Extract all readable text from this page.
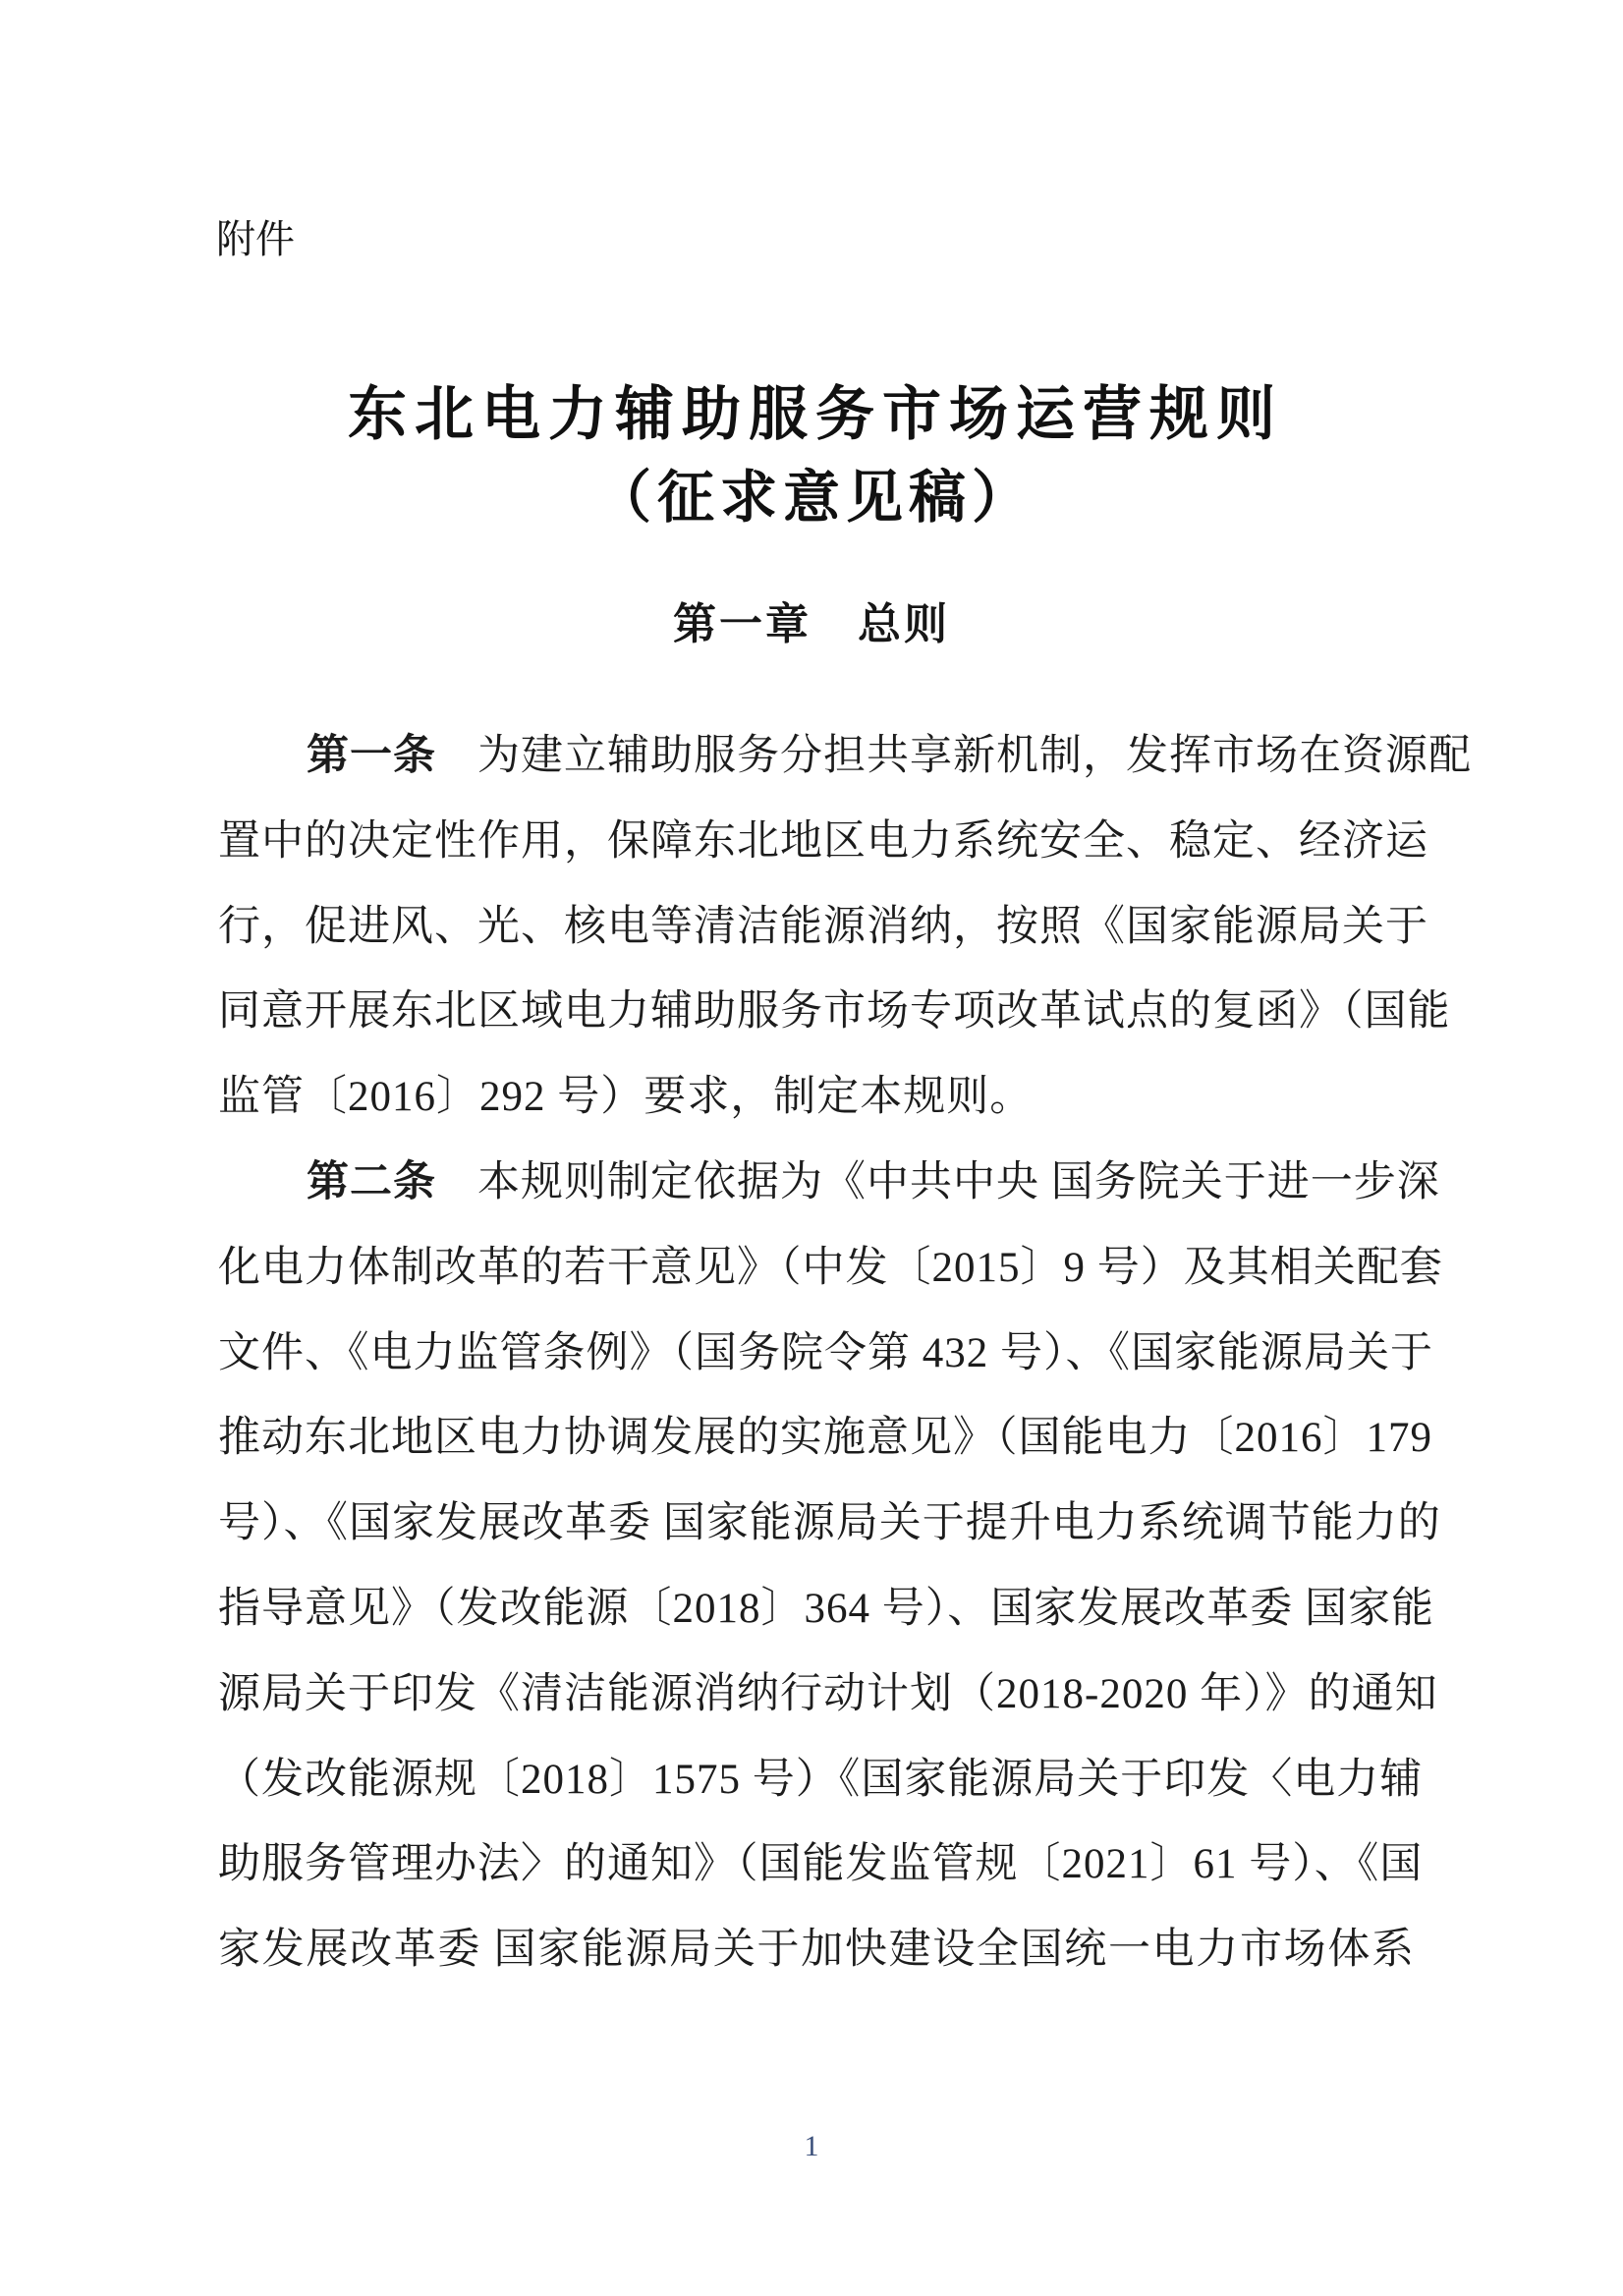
附件
东北电力辅助服务市场运营规则
（征求意见稿）
第一章　总则
第一条 为建立辅助服务分担共享新机制，发挥市场在资源配
置中的决定性作用，保障东北地区电力系统安全、稳定、经济运
行，促进风、光、核电等清洁能源消纳，按照《国家能源局关于
同意开展东北区域电力辅助服务市场专项改革试点的复函》（国能
监管〔2016〕292 号）要求，制定本规则。
第二条 本规则制定依据为《中共中央 国务院关于进一步深
化电力体制改革的若干意见》（中发〔2015〕9 号）及其相关配套
文件、《电力监管条例》（国务院令第 432 号）、《国家能源局关于
推动东北地区电力协调发展的实施意见》（国能电力〔2016〕179
号）、《国家发展改革委 国家能源局关于提升电力系统调节能力的
指导意见》（发改能源〔2018〕364 号）、国家发展改革委 国家能
源局关于印发《清洁能源消纳行动计划（2018-2020 年）》的通知
（发改能源规〔2018〕1575 号）《国家能源局关于印发〈电力辅
助服务管理办法〉的通知》（国能发监管规〔2021〕61 号）、《国
家发展改革委 国家能源局关于加快建设全国统一电力市场体系
1
